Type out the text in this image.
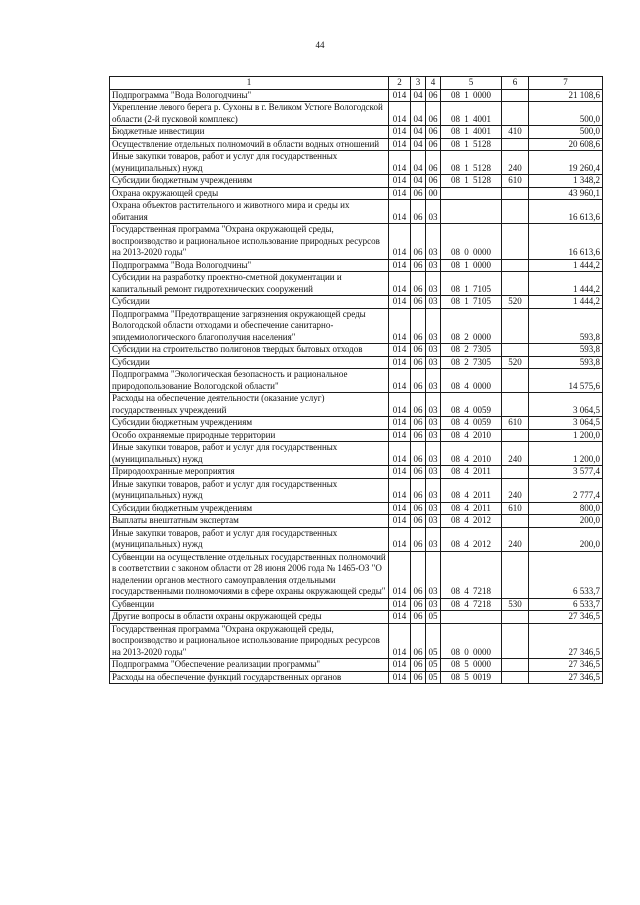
44
1	2	3	4	5	6	7
Подпрограмма "Вода Вологодчины"	014	04	06	08 1 0000		21 108,6
Укрепление левого берега р. Сухоны в г. Великом Устюге Вологодской области (2-й пусковой комплекс)	014	04	06	08 1 4001		500,0
Бюджетные инвестиции	014	04	06	08 1 4001	410	500,0
Осуществление отдельных полномочий в области водных отношений	014	04	06	08 1 5128		20 608,6
Иные закупки товаров, работ и услуг для государственных (муниципальных) нужд	014	04	06	08 1 5128	240	19 260,4
Субсидии бюджетным учреждениям	014	04	06	08 1 5128	610	1 348,2
Охрана окружающей среды	014	06	00			43 960,1
Охрана объектов растительного и животного мира и среды их обитания	014	06	03			16 613,6
Государственная программа "Охрана окружающей среды, воспроизводство и рациональное использование природных ресурсов на 2013-2020 годы"	014	06	03	08 0 0000		16 613,6
Подпрограмма "Вода Вологодчины"	014	06	03	08 1 0000		1 444,2
Субсидии на разработку проектно-сметной документации и капитальный ремонт гидротехнических сооружений	014	06	03	08 1 7105		1 444,2
Субсидии	014	06	03	08 1 7105	520	1 444,2
Подпрограмма "Предотвращение загрязнения окружающей среды Вологодской области отходами и обеспечение санитарно-эпидемиологического благополучия населения"	014	06	03	08 2 0000		593,8
Субсидии на строительство полигонов твердых бытовых отходов	014	06	03	08 2 7305		593,8
Субсидии	014	06	03	08 2 7305	520	593,8
Подпрограмма "Экологическая безопасность и рациональное природопользование Вологодской области"	014	06	03	08 4 0000		14 575,6
Расходы на обеспечение деятельности (оказание услуг) государственных учреждений	014	06	03	08 4 0059		3 064,5
Субсидии бюджетным учреждениям	014	06	03	08 4 0059	610	3 064,5
Особо охраняемые природные территории	014	06	03	08 4 2010		1 200,0
Иные закупки товаров, работ и услуг для государственных (муниципальных) нужд	014	06	03	08 4 2010	240	1 200,0
Природоохранные мероприятия	014	06	03	08 4 2011		3 577,4
Иные закупки товаров, работ и услуг для государственных (муниципальных) нужд	014	06	03	08 4 2011	240	2 777,4
Субсидии бюджетным учреждениям	014	06	03	08 4 2011	610	800,0
Выплаты внештатным экспертам	014	06	03	08 4 2012		200,0
Иные закупки товаров, работ и услуг для государственных (муниципальных) нужд	014	06	03	08 4 2012	240	200,0
Субвенции на осуществление отдельных государственных полномочий в соответствии с законом области от 28 июня 2006 года № 1465-ОЗ "О наделении органов местного самоуправления отдельными государственными полномочиями в сфере охраны окружающей среды"	014	06	03	08 4 7218		6 533,7
Субвенции	014	06	03	08 4 7218	530	6 533,7
Другие вопросы в области охраны окружающей среды	014	06	05			27 346,5
Государственная программа "Охрана окружающей среды, воспроизводство и рациональное использование природных ресурсов на 2013-2020 годы"	014	06	05	08 0 0000		27 346,5
Подпрограмма "Обеспечение реализации программы"	014	06	05	08 5 0000		27 346,5
Расходы на обеспечение функций государственных органов	014	06	05	08 5 0019		27 346,5
